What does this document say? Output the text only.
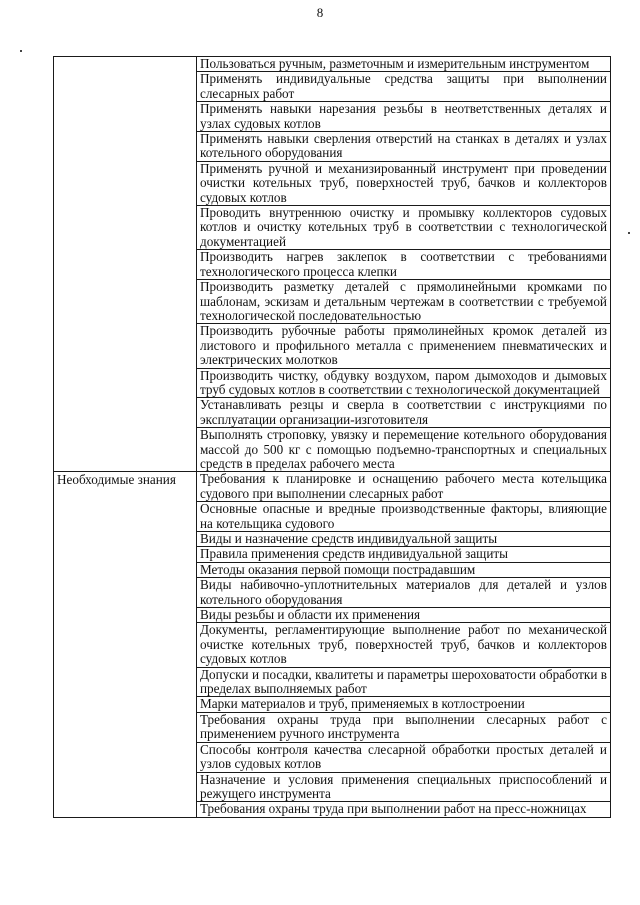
8
	Пользоваться ручным, разметочным и измерительным инструментом
	Применять индивидуальные средства защиты при выполнении слесарных работ
	Применять навыки нарезания резьбы в неответственных деталях и узлах судовых котлов
	Применять навыки сверления отверстий на станках в деталях и узлах котельного оборудования
	Применять ручной и механизированный инструмент при проведении очистки котельных труб, поверхностей труб, бачков и коллекторов судовых котлов
	Проводить внутреннюю очистку и промывку коллекторов судовых котлов и очистку котельных труб в соответствии с технологической документацией
	Производить нагрев заклепок в соответствии с требованиями технологического процесса клепки
	Производить разметку деталей с прямолинейными кромками по шаблонам, эскизам и детальным чертежам в соответствии с требуемой технологической последовательностью
	Производить рубочные работы прямолинейных кромок деталей из листового и профильного металла с применением пневматических и электрических молотков
	Производить чистку, обдувку воздухом, паром дымоходов и дымовых труб судовых котлов в соответствии с технологической документацией
	Устанавливать резцы и сверла в соответствии с инструкциями по эксплуатации организации-изготовителя
	Выполнять строповку, увязку и перемещение котельного оборудования массой до 500 кг с помощью подъемно-транспортных и специальных средств в пределах рабочего места
Необходимые знания	Требования к планировке и оснащению рабочего места котельщика судового при выполнении слесарных работ
	Основные опасные и вредные производственные факторы, влияющие на котельщика судового
	Виды и назначение средств индивидуальной защиты
	Правила применения средств индивидуальной защиты
	Методы оказания первой помощи пострадавшим
	Виды набивочно-уплотнительных материалов для деталей и узлов котельного оборудования
	Виды резьбы и области их применения
	Документы, регламентирующие выполнение работ по механической очистке котельных труб, поверхностей труб, бачков и коллекторов судовых котлов
	Допуски и посадки, квалитеты и параметры шероховатости обработки в пределах выполняемых работ
	Марки материалов и труб, применяемых в котлостроении
	Требования охраны труда при выполнении слесарных работ с применением ручного инструмента
	Способы контроля качества слесарной обработки простых деталей и узлов судовых котлов
	Назначение и условия применения специальных приспособлений и режущего инструмента
	Требования охраны труда при выполнении работ на пресс-ножницах
